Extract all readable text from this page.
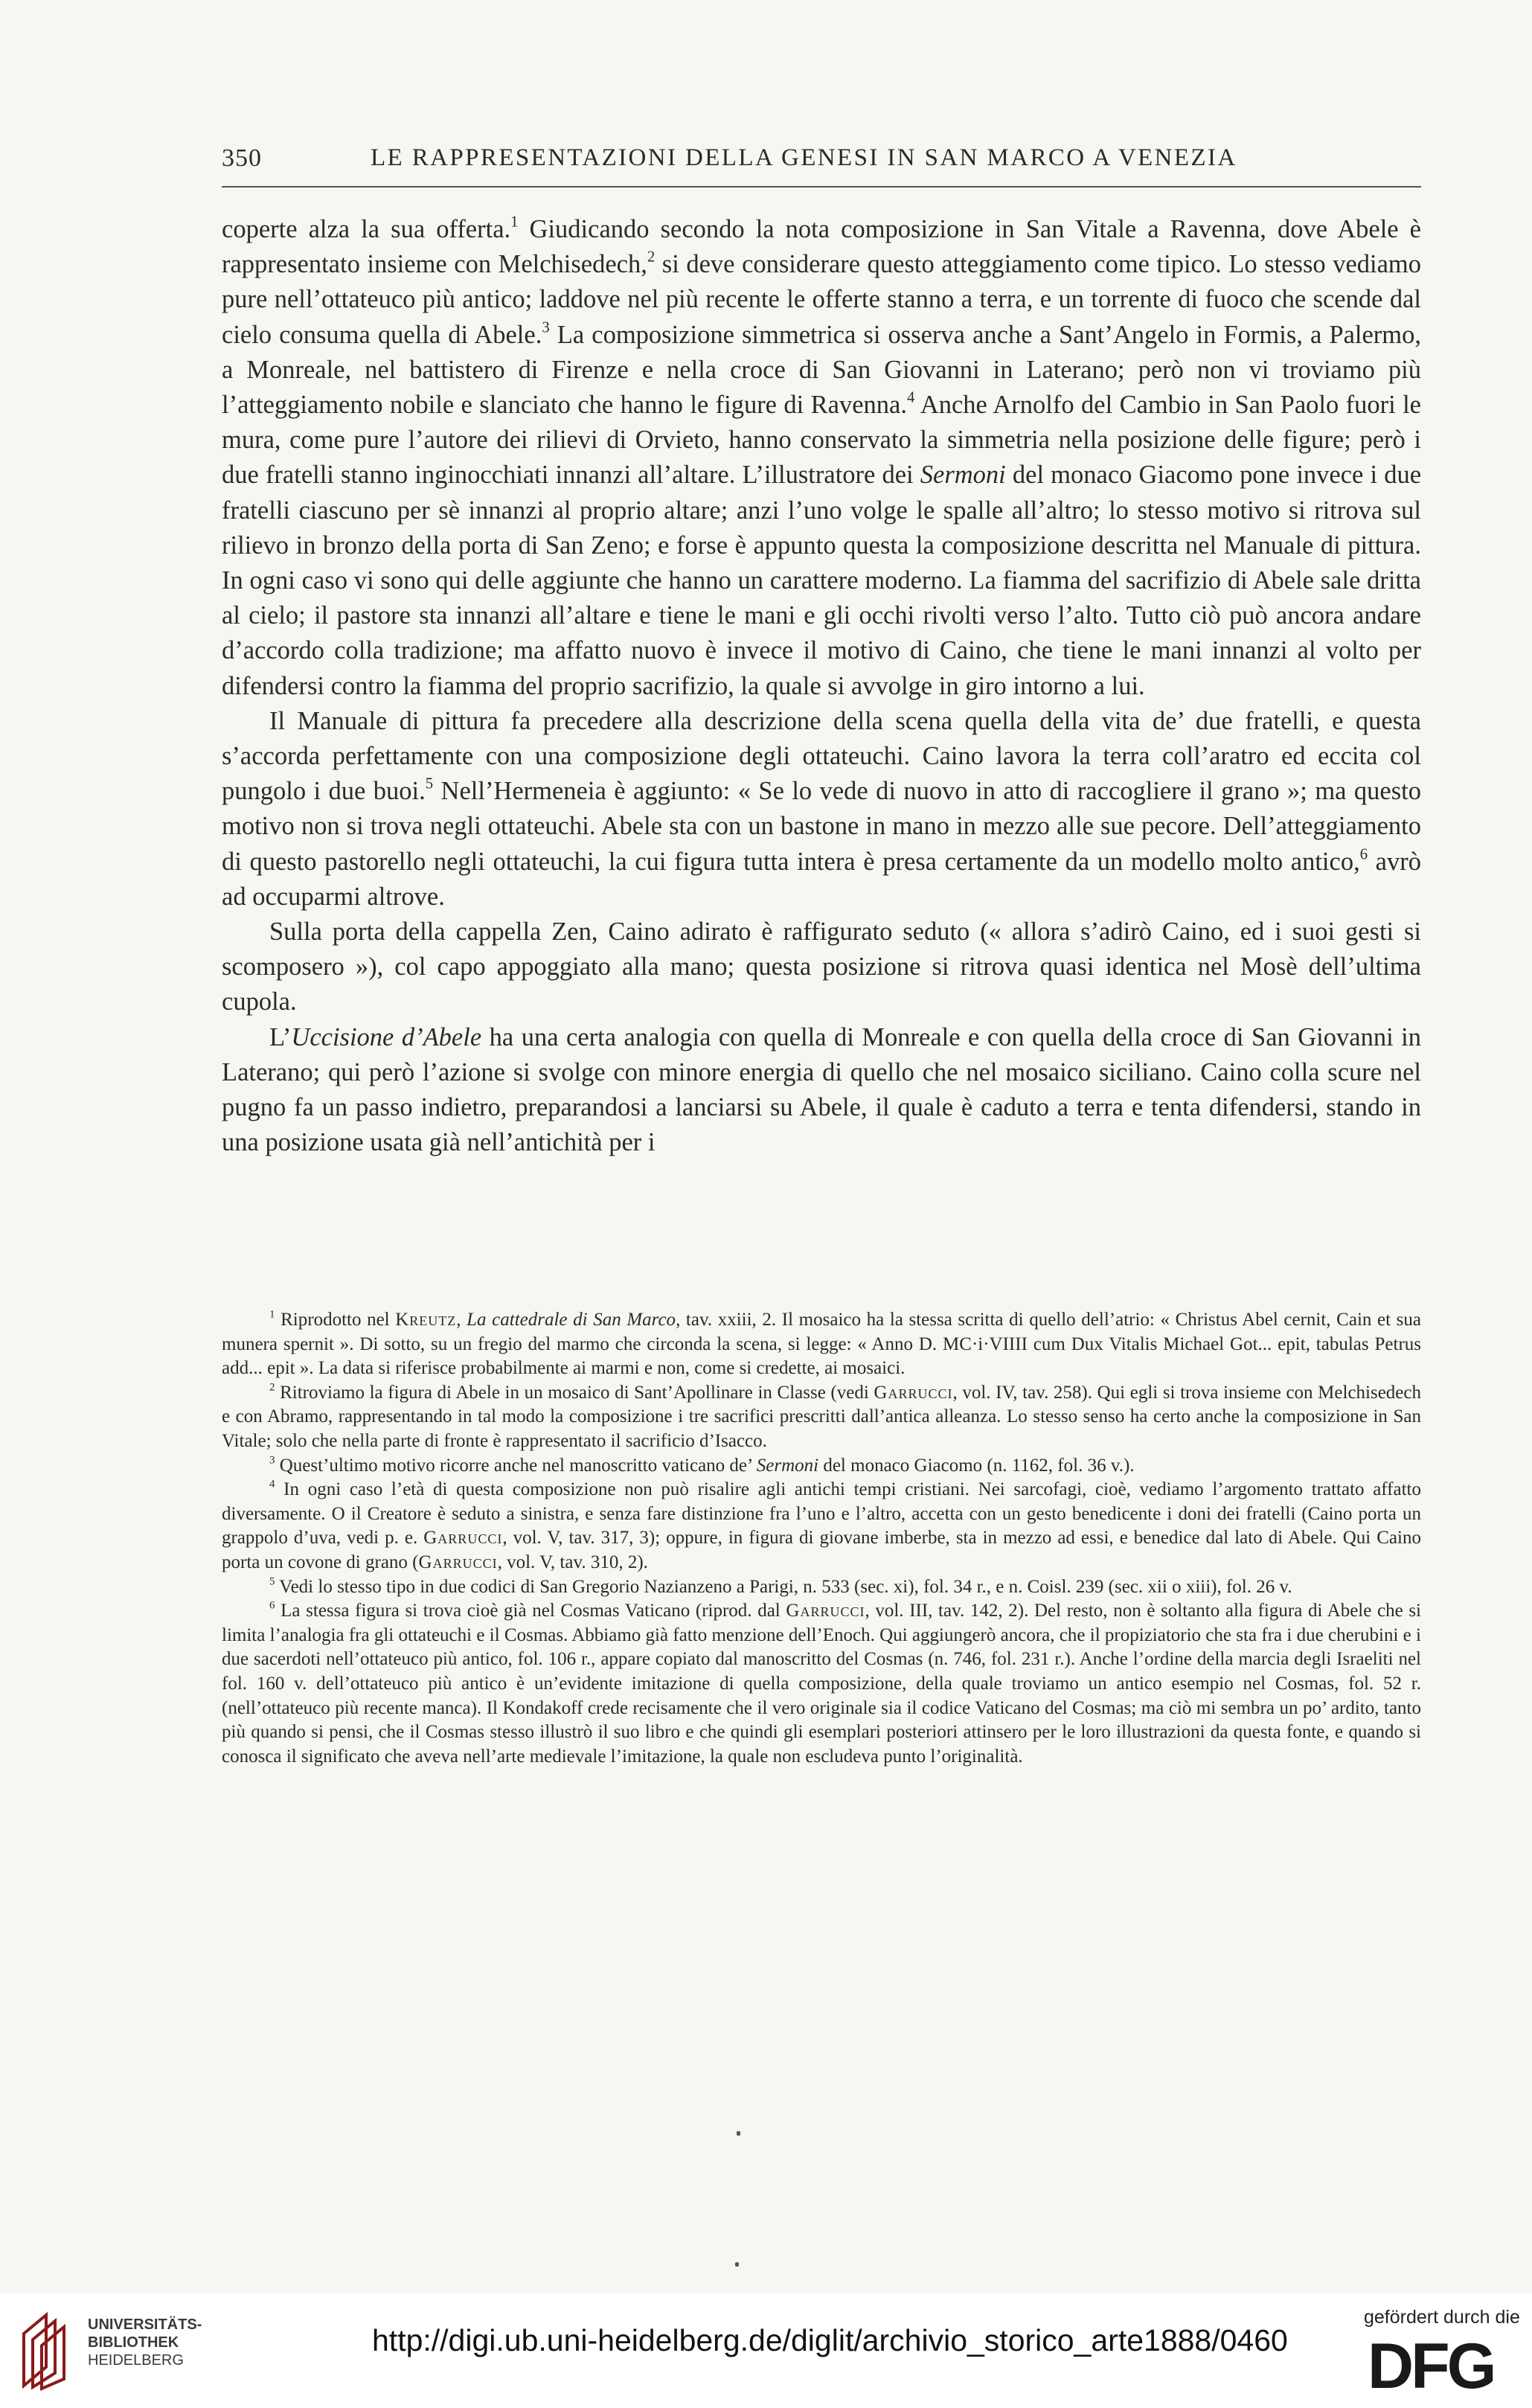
350	LE RAPPRESENTAZIONI DELLA GENESI IN SAN MARCO A VENEZIA

coperte alza la sua offerta.$^1$ Giudicando secondo la nota composizione in San Vitale a Ravenna, dove Abele è rappresentato insieme con Melchisedech,$^2$ si deve considerare questo atteggiamento come tipico. Lo stesso vediamo pure nell’ottateuco più antico; laddove nel più recente le offerte stanno a terra, e un torrente di fuoco che scende dal cielo consuma quella di Abele.$^3$ La composizione simmetrica si osserva anche a Sant’Angelo in Formis, a Palermo, a Monreale, nel battistero di Firenze e nella croce di San Giovanni in Laterano; però non vi troviamo più l’atteggiamento nobile e slanciato che hanno le figure di Ravenna.$^4$ Anche Arnolfo del Cambio in San Paolo fuori le mura, come pure l’autore dei rilievi di Orvieto, hanno conservato la simmetria nella posizione delle figure; però i due fratelli stanno inginocchiati innanzi all’altare. L’illustratore dei Sermoni del monaco Giacomo pone invece i due fratelli ciascuno per sè innanzi al proprio altare; anzi l’uno volge le spalle all’altro; lo stesso motivo si ritrova sul rilievo in bronzo della porta di San Zeno; e forse è appunto questa la composizione descritta nel Manuale di pittura. In ogni caso vi sono qui delle aggiunte che hanno un carattere moderno. La fiamma del sacrifizio di Abele sale dritta al cielo; il pastore sta innanzi all’altare e tiene le mani e gli occhi rivolti verso l’alto. Tutto ciò può ancora andare d’accordo colla tradizione; ma affatto nuovo è invece il motivo di Caino, che tiene le mani innanzi al volto per difendersi contro la fiamma del proprio sacrifizio, la quale si avvolge in giro intorno a lui.

Il Manuale di pittura fa precedere alla descrizione della scena quella della vita de’ due fratelli, e questa s’accorda perfettamente con una composizione degli ottateuchi. Caino lavora la terra coll’aratro ed eccita col pungolo i due buoi.$^5$ Nell’Hermeneia è aggiunto: « Se lo vede di nuovo in atto di raccogliere il grano »; ma questo motivo non si trova negli ottateuchi. Abele sta con un bastone in mano in mezzo alle sue pecore. Dell’atteggiamento di questo pastorello negli ottateuchi, la cui figura tutta intera è presa certamente da un modello molto antico,$^6$ avrò ad occuparmi altrove.

Sulla porta della cappella Zen, Caino adirato è raffigurato seduto (« allora s’adirò Caino, ed i suoi gesti si scomposero »), col capo appoggiato alla mano; questa posizione si ritrova quasi identica nel Mosè dell’ultima cupola.

L’Uccisione d’Abele ha una certa analogia con quella di Monreale e con quella della croce di San Giovanni in Laterano; qui però l’azione si svolge con minore energia di quello che nel mosaico siciliano. Caino colla scure nel pugno fa un passo indietro, preparandosi a lanciarsi su Abele, il quale è caduto a terra e tenta difendersi, stando in una posizione usata già nell’antichità per i

$^1$ Riprodotto nel Kreutz, La cattedrale di San Marco, tav. xxiii, 2. Il mosaico ha la stessa scritta di quello dell’atrio: « Christus Abel cernit, Cain et sua munera spernit ». Di sotto, su un fregio del marmo che circonda la scena, si legge: « Anno D. MC·i·VIIII cum Dux Vitalis Michael Got... epit, tabulas Petrus add... epit ». La data si riferisce probabilmente ai marmi e non, come si credette, ai mosaici.

$^2$ Ritroviamo la figura di Abele in un mosaico di Sant’Apollinare in Classe (vedi Garrucci, vol. IV, tav. 258). Qui egli si trova insieme con Melchisedech e con Abramo, rappresentando in tal modo la composizione i tre sacrifici prescritti dall’antica alleanza. Lo stesso senso ha certo anche la composizione in San Vitale; solo che nella parte di fronte è rappresentato il sacrificio d’Isacco.

$^3$ Quest’ultimo motivo ricorre anche nel manoscritto vaticano de’ Sermoni del monaco Giacomo (n. 1162, fol. 36 v.).

$^4$ In ogni caso l’età di questa composizione non può risalire agli antichi tempi cristiani. Nei sarcofagi, cioè, vediamo l’argomento trattato affatto diversamente. O il Creatore è seduto a sinistra, e senza fare distinzione fra l’uno e l’altro, accetta con un gesto benedicente i doni dei fratelli (Caino porta un grappolo d’uva, vedi p. e. Garrucci, vol. V, tav. 317, 3); oppure, in figura di giovane imberbe, sta in mezzo ad essi, e benedice dal lato di Abele. Qui Caino porta un covone di grano (Garrucci, vol. V, tav. 310, 2).

$^5$ Vedi lo stesso tipo in due codici di San Gregorio Nazianzeno a Parigi, n. 533 (sec. xi), fol. 34 r., e n. Coisl. 239 (sec. xii o xiii), fol. 26 v.

$^6$ La stessa figura si trova cioè già nel Cosmas Vaticano (riprod. dal Garrucci, vol. III, tav. 142, 2). Del resto, non è soltanto alla figura di Abele che si limita l’analogia fra gli ottateuchi e il Cosmas. Abbiamo già fatto menzione dell’Enoch. Qui aggiungerò ancora, che il propiziatorio che sta fra i due cherubini e i due sacerdoti nell’ottateuco più antico, fol. 106 r., appare copiato dal manoscritto del Cosmas (n. 746, fol. 231 r.). Anche l’ordine della marcia degli Israeliti nel fol. 160 v. dell’ottateuco più antico è un’evidente imitazione di quella composizione, della quale troviamo un antico esempio nel Cosmas, fol. 52 r. (nell’ottateuco più recente manca). Il Kondakoff crede recisamente che il vero originale sia il codice Vaticano del Cosmas; ma ciò mi sembra un po’ ardito, tanto più quando si pensi, che il Cosmas stesso illustrò il suo libro e che quindi gli esemplari posteriori attinsero per le loro illustrazioni da questa fonte, e quando si conosca il significato che aveva nell’arte medievale l’imitazione, la quale non escludeva punto l’originalità.

UNIVERSITÄTS-
BIBLIOTHEK
HEIDELBERG
http://digi.ub.uni-heidelberg.de/diglit/archivio_storico_arte1888/0460
gefördert durch die
DFG
